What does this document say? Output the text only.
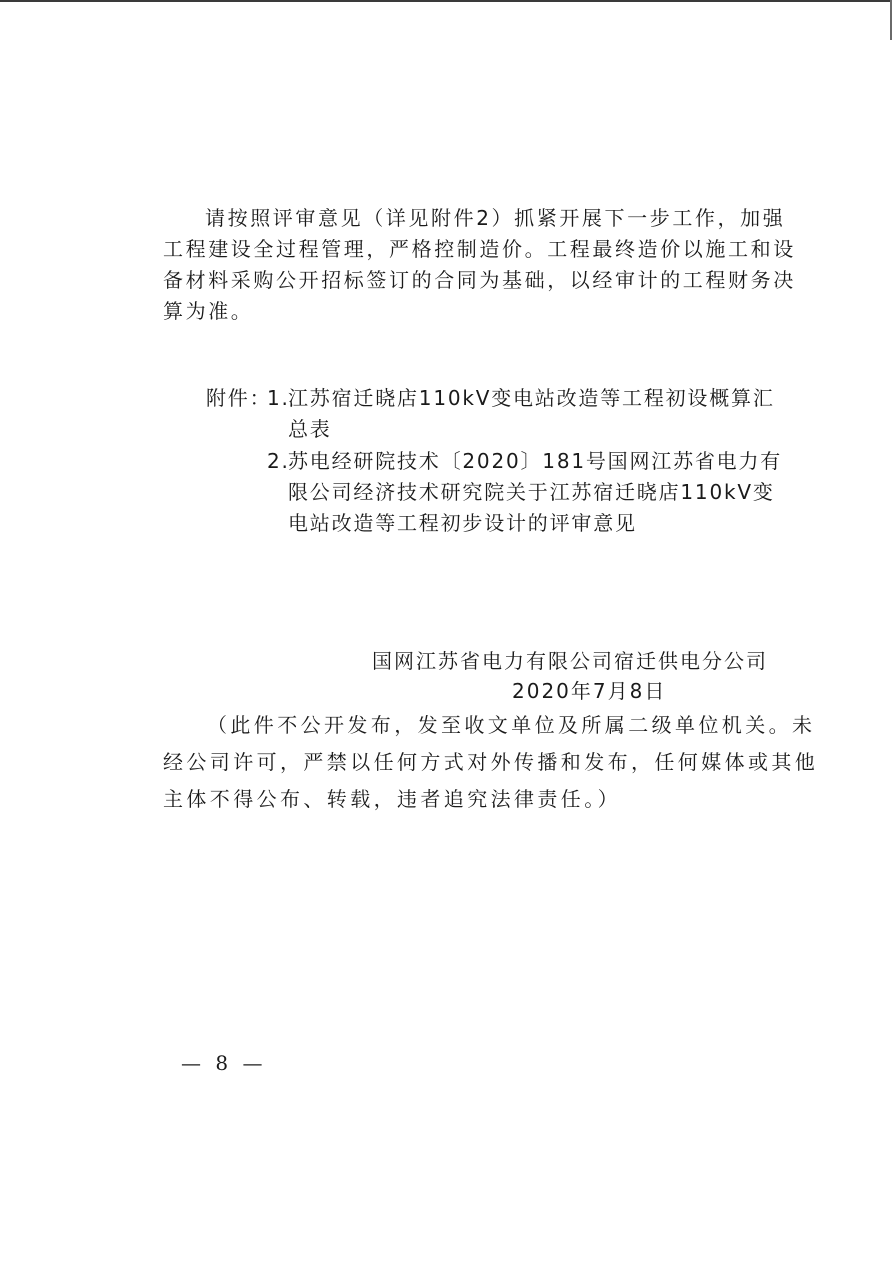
请按照评审意见（详见附件2）抓紧开展下一步工作，加强
工程建设全过程管理，严格控制造价。工程最终造价以施工和设
备材料采购公开招标签订的合同为基础，以经审计的工程财务决
算为准。
附件：
1.
江苏宿迁晓店110kV变电站改造等工程初设概算汇
总表
2.
苏电经研院技术〔2020〕181号国网江苏省电力有
限公司经济技术研究院关于江苏宿迁晓店110kV变
电站改造等工程初步设计的评审意见
国网江苏省电力有限公司宿迁供电分公司
2020年7月8日
（此件不公开发布，发至收文单位及所属二级单位机关。未
经公司许可，严禁以任何方式对外传播和发布，任何媒体或其他
主体不得公布、转载，违者追究法律责任。）
— 8 —
